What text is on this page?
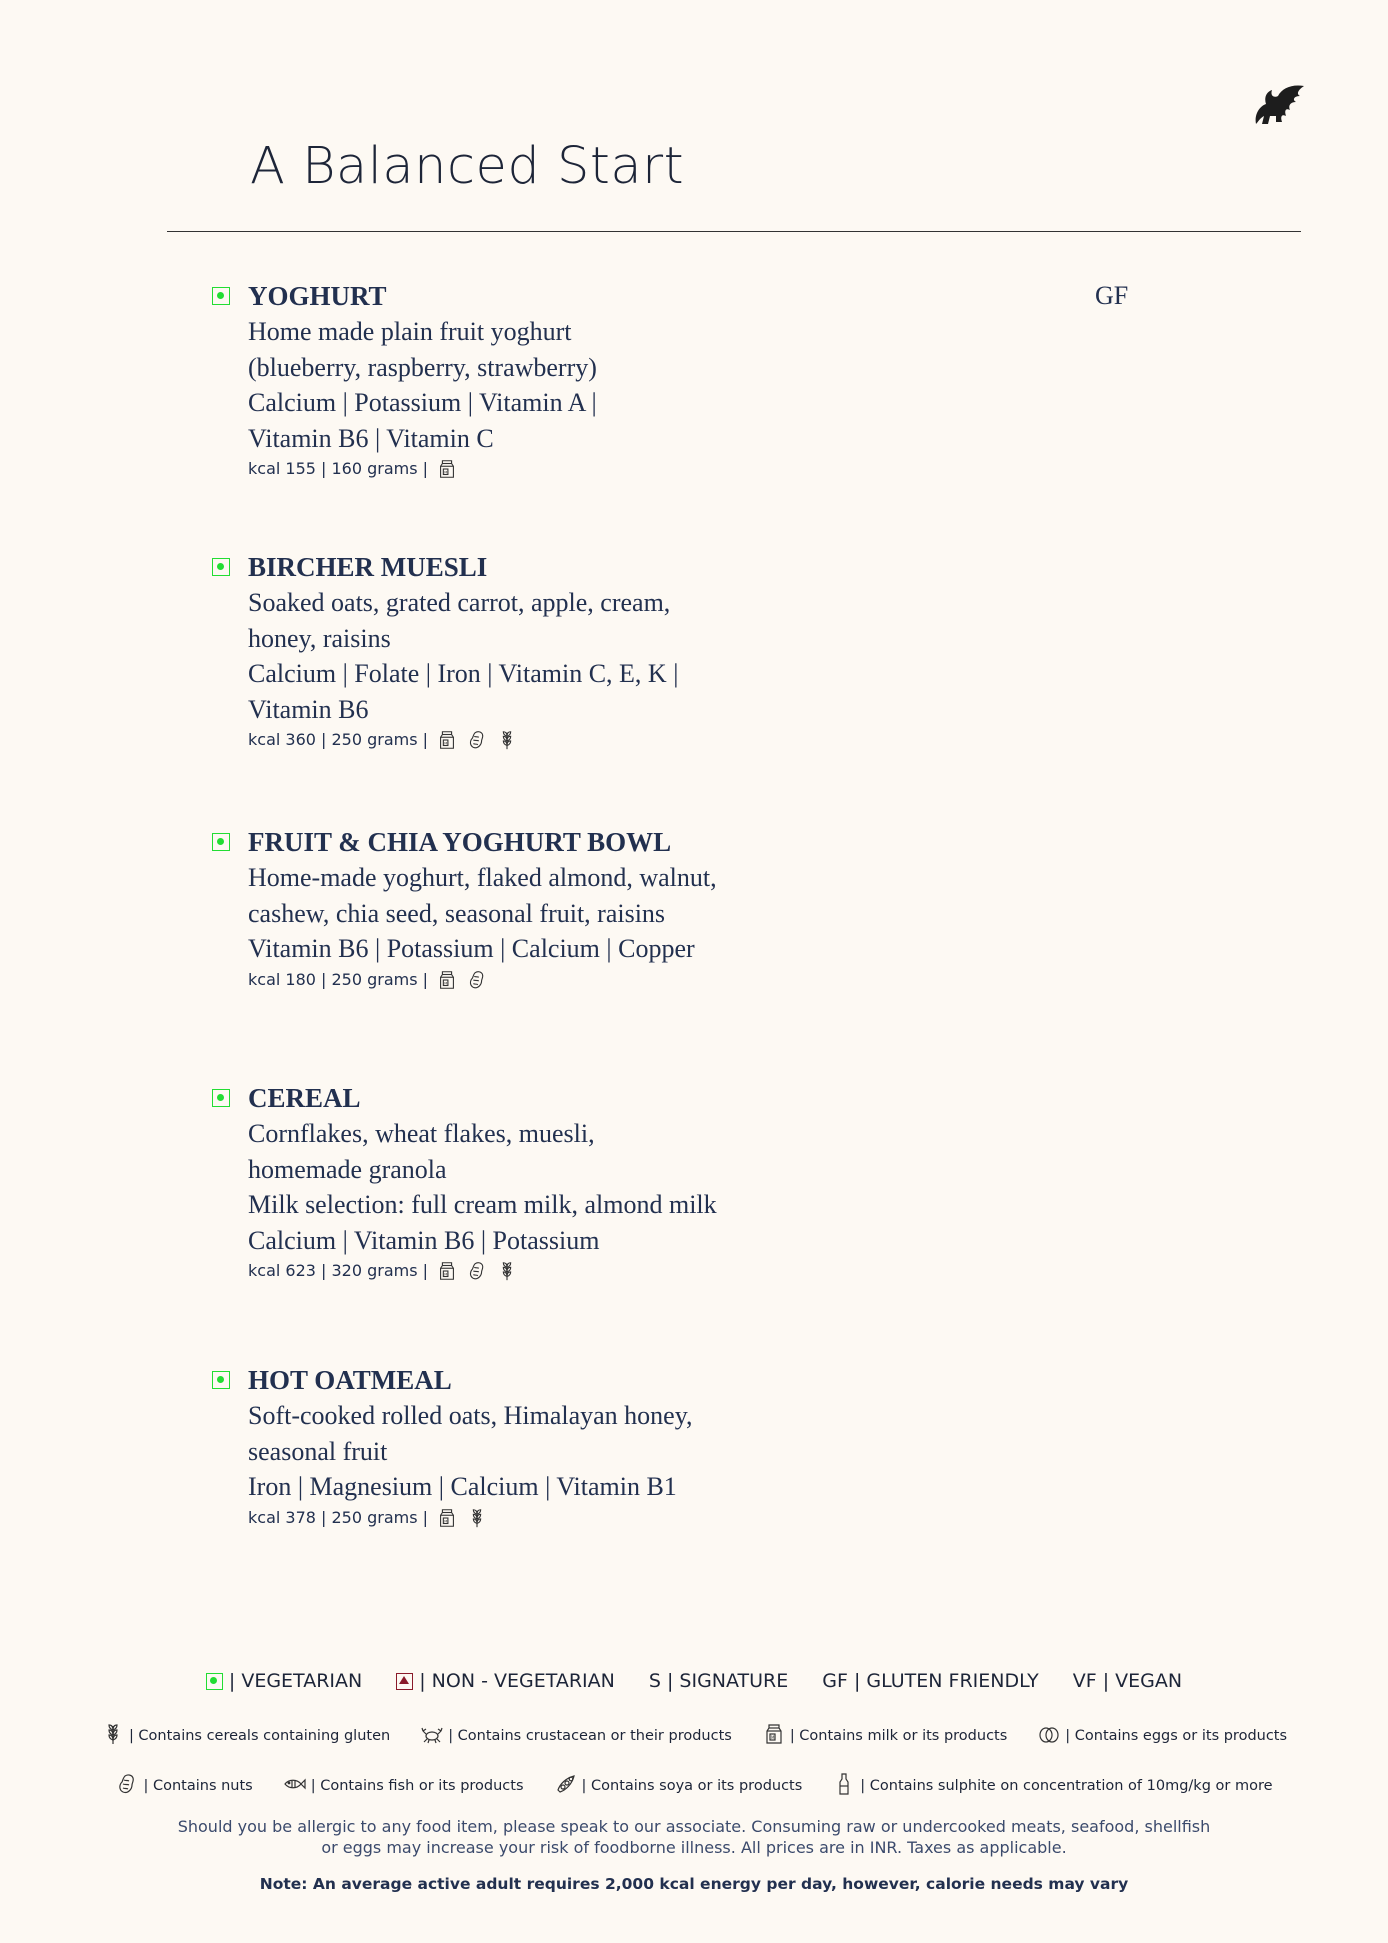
A Balanced Start
YOGHURT	GF
Home made plain fruit yoghurt
(blueberry, raspberry, strawberry)
Calcium | Potassium | Vitamin A |
Vitamin B6 | Vitamin C
kcal 155 | 160 grams |	M
BIRCHER MUESLI
Soaked oats, grated carrot, apple, cream,
honey, raisins
Calcium | Folate | Iron | Vitamin C, E, K |
Vitamin B6
kcal 360 | 250 grams |	M
FRUIT & CHIA YOGHURT BOWL
Home-made yoghurt, flaked almond, walnut,
cashew, chia seed, seasonal fruit, raisins
Vitamin B6 | Potassium | Calcium | Copper
kcal 180 | 250 grams |	M
CEREAL
Cornflakes, wheat flakes, muesli,
homemade granola
Milk selection: full cream milk, almond milk
Calcium | Vitamin B6 | Potassium
kcal 623 | 320 grams |	M
HOT OATMEAL
Soft-cooked rolled oats, Himalayan honey,
seasonal fruit
Iron | Magnesium | Calcium | Vitamin B1
kcal 378 | 250 grams |	M
| VEGETARIAN	| NON - VEGETARIAN S | SIGNATURE GF | GLUTEN FRIENDLY VF | VEGAN
| Contains cereals containing gluten	| Contains crustacean or their products	M | Contains milk or its products	| Contains eggs or its products
| Contains nuts	| Contains fish or its products	| Contains soya or its products	| Contains sulphite on concentration of 10mg/kg or more
Should you be allergic to any food item, please speak to our associate. Consuming raw or undercooked meats, seafood, shellfish
or eggs may increase your risk of foodborne illness. All prices are in INR. Taxes as applicable.
Note: An average active adult requires 2,000 kcal energy per day, however, calorie needs may vary
